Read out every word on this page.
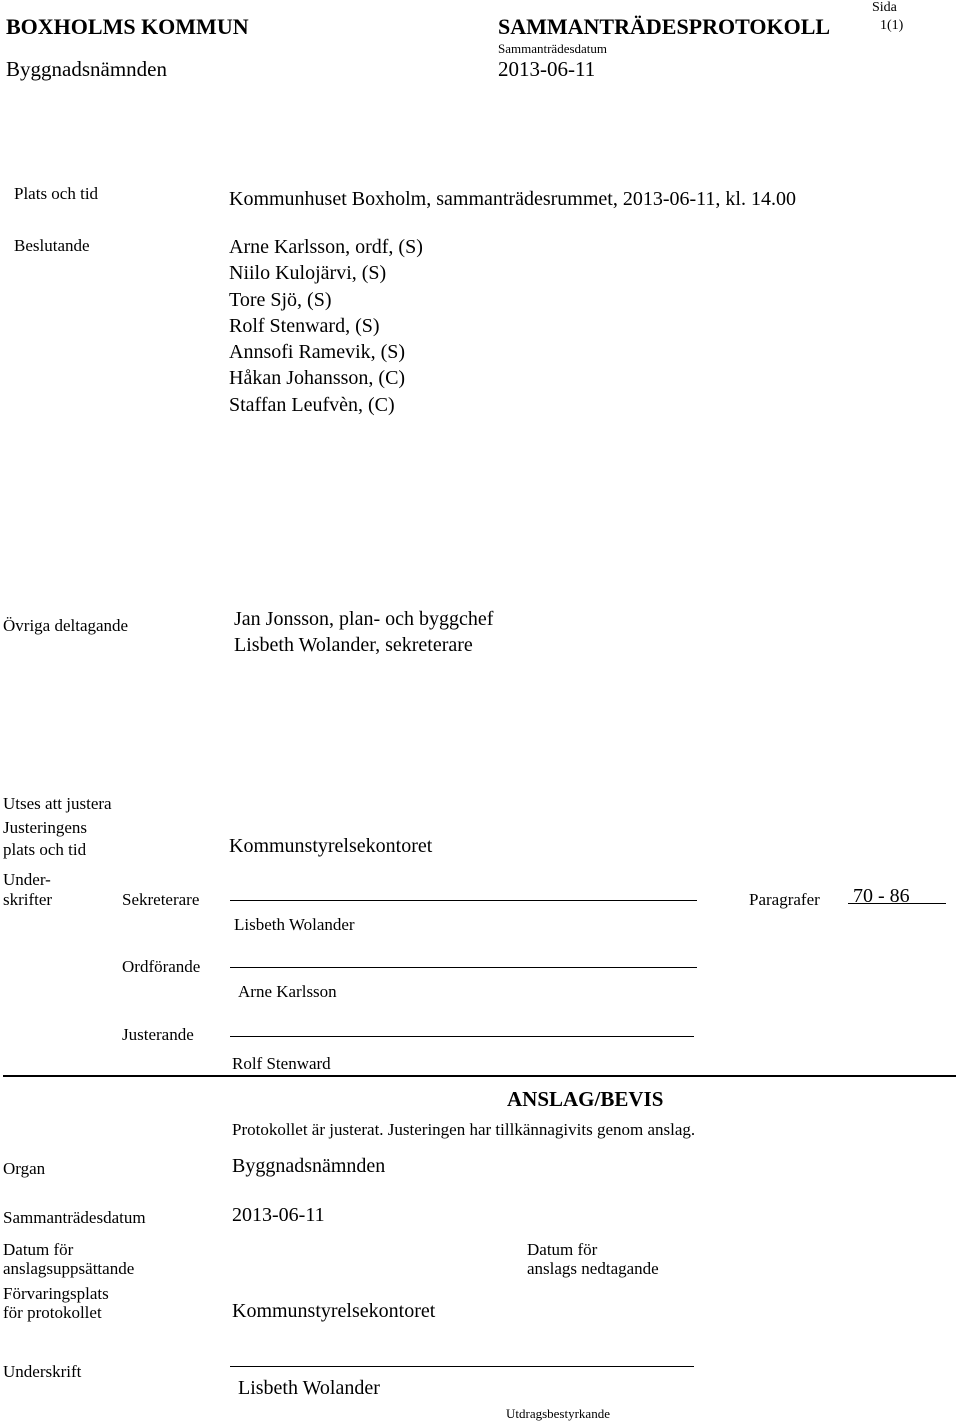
BOXHOLMS KOMMUN
Byggnadsnämnden
SAMMANTRÄDESPROTOKOLL
Sammanträdesdatum
2013-06-11
Sida
1(1)
Plats och tid	Kommunhuset Boxholm, sammanträdesrummet, 2013-06-11, kl. 14.00
Beslutande	Arne Karlsson, ordf, (S)
Niilo Kulojärvi, (S)
Tore Sjö, (S)
Rolf Stenward, (S)
Annsofi Ramevik, (S)
Håkan Johansson, (C)
Staffan Leufvèn, (C)
Övriga deltagande	Jan Jonsson, plan- och byggchef
Lisbeth Wolander, sekreterare
Utses att justera
Justeringens
plats och tid	Kommunstyrelsekontoret
Under-
skrifter	Sekreterare
Lisbeth Wolander
Paragrafer 70 - 86
Ordförande
Arne Karlsson
Justerande
Rolf Stenward
ANSLAG/BEVIS
Protokollet är justerat. Justeringen har tillkännagivits genom anslag.
Organ	Byggnadsnämnden
Sammanträdesdatum	2013-06-11
Datum för
anslagsuppsättande
Datum för
anslags nedtagande
Förvaringsplats
för protokollet	Kommunstyrelsekontoret
Underskrift
Lisbeth Wolander
Utdragsbestyrkande
